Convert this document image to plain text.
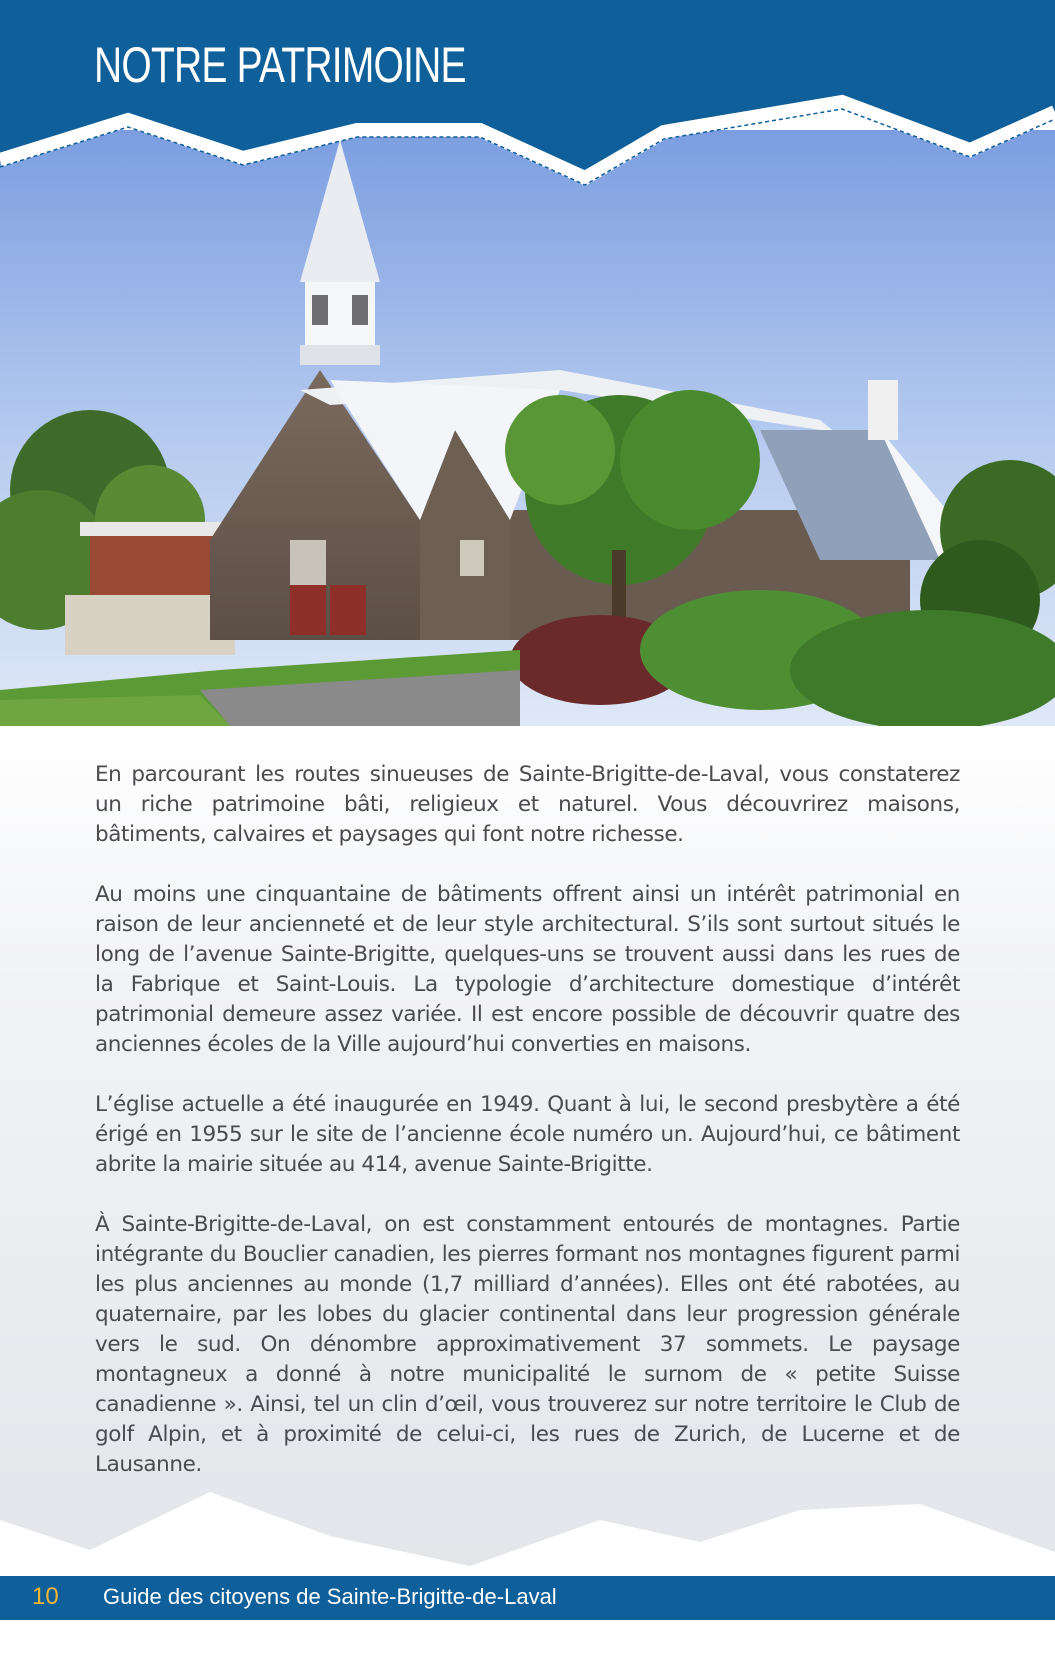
NOTRE PATRIMOINE

En parcourant les routes sinueuses de Sainte-Brigitte-de-Laval, vous constaterez un riche patrimoine bâti, religieux et naturel. Vous découvrirez maisons, bâtiments, calvaires et paysages qui font notre richesse.

Au moins une cinquantaine de bâtiments offrent ainsi un intérêt patrimonial en raison de leur ancienneté et de leur style architectural. S’ils sont surtout situés le long de l’avenue Sainte-Brigitte, quelques-uns se trouvent aussi dans les rues de la Fabrique et Saint-Louis. La typologie d’architecture domestique d’intérêt patrimonial demeure assez variée. Il est encore possible de découvrir quatre des anciennes écoles de la Ville aujourd’hui converties en maisons.

L’église actuelle a été inaugurée en 1949. Quant à lui, le second presbytère a été érigé en 1955 sur le site de l’ancienne école numéro un. Aujourd’hui, ce bâtiment abrite la mairie située au 414, avenue Sainte-Brigitte.

À Sainte-Brigitte-de-Laval, on est constamment entourés de montagnes. Partie intégrante du Bouclier canadien, les pierres formant nos montagnes figurent parmi les plus anciennes au monde (1,7 milliard d’années). Elles ont été rabotées, au quaternaire, par les lobes du glacier continental dans leur progression générale vers le sud. On dénombre approximativement 37 sommets. Le paysage montagneux a donné à notre municipalité le surnom de « petite Suisse canadienne ». Ainsi, tel un clin d’œil, vous trouverez sur notre territoire le Club de golf Alpin, et à proximité de celui-ci, les rues de Zurich, de Lucerne et de Lausanne.

10 Guide des citoyens de Sainte-Brigitte-de-Laval
